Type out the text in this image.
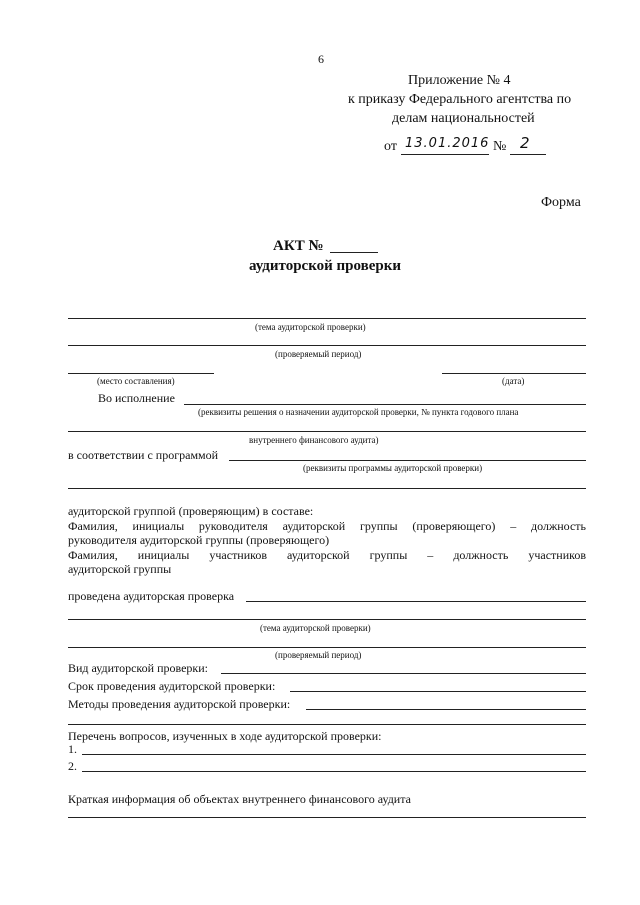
6
Приложение № 4
к приказу Федерального агентства по
делам национальностей
от 13.01.2016 № 2
Форма
АКТ №
аудиторской проверки
(тема аудиторской проверки)
(проверяемый период)
(место составления)	(дата)
Во исполнение
(реквизиты решения о назначении аудиторской проверки, № пункта годового плана
внутреннего финансового аудита)
в соответствии с программой
(реквизиты программы аудиторской проверки)
аудиторской группой (проверяющим) в составе:
Фамилия, инициалы руководителя аудиторской группы (проверяющего) – должность
руководителя аудиторской группы (проверяющего)
Фамилия, инициалы участников аудиторской группы – должность участников
аудиторской группы
проведена аудиторская проверка
(тема аудиторской проверки)
(проверяемый период)
Вид аудиторской проверки:
Срок проведения аудиторской проверки:
Методы проведения аудиторской проверки:
Перечень вопросов, изученных в ходе аудиторской проверки:
1.
2.
Краткая информация об объектах внутреннего финансового аудита
